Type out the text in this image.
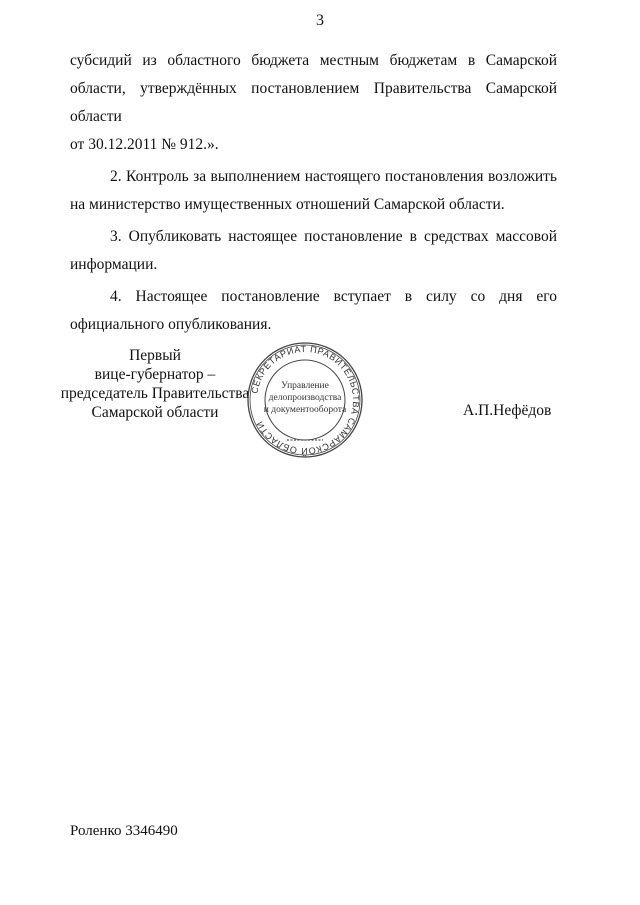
3

субсидий из областного бюджета местным бюджетам в Самарской

области, утверждённых постановлением Правительства Самарской области

от 30.12.2011 № 912.».

2. Контроль за выполнением настоящего постановления возложить на министерство имущественных отношений Самарской области.

3. Опубликовать настоящее постановление в средствах массовой информации.

4. Настоящее постановление вступает в силу со дня его

официального опубликования.

Первый
вице-губернатор –
председатель Правительства
Самарской области
СЕКРЕТАРИАТ ПРАВИТЕЛЬСТВА САМАРСКОЙ ОБЛАСТИ
Управление
делопроизводства
и документооборота	А.П.Нефёдов
Роленко 3346490
